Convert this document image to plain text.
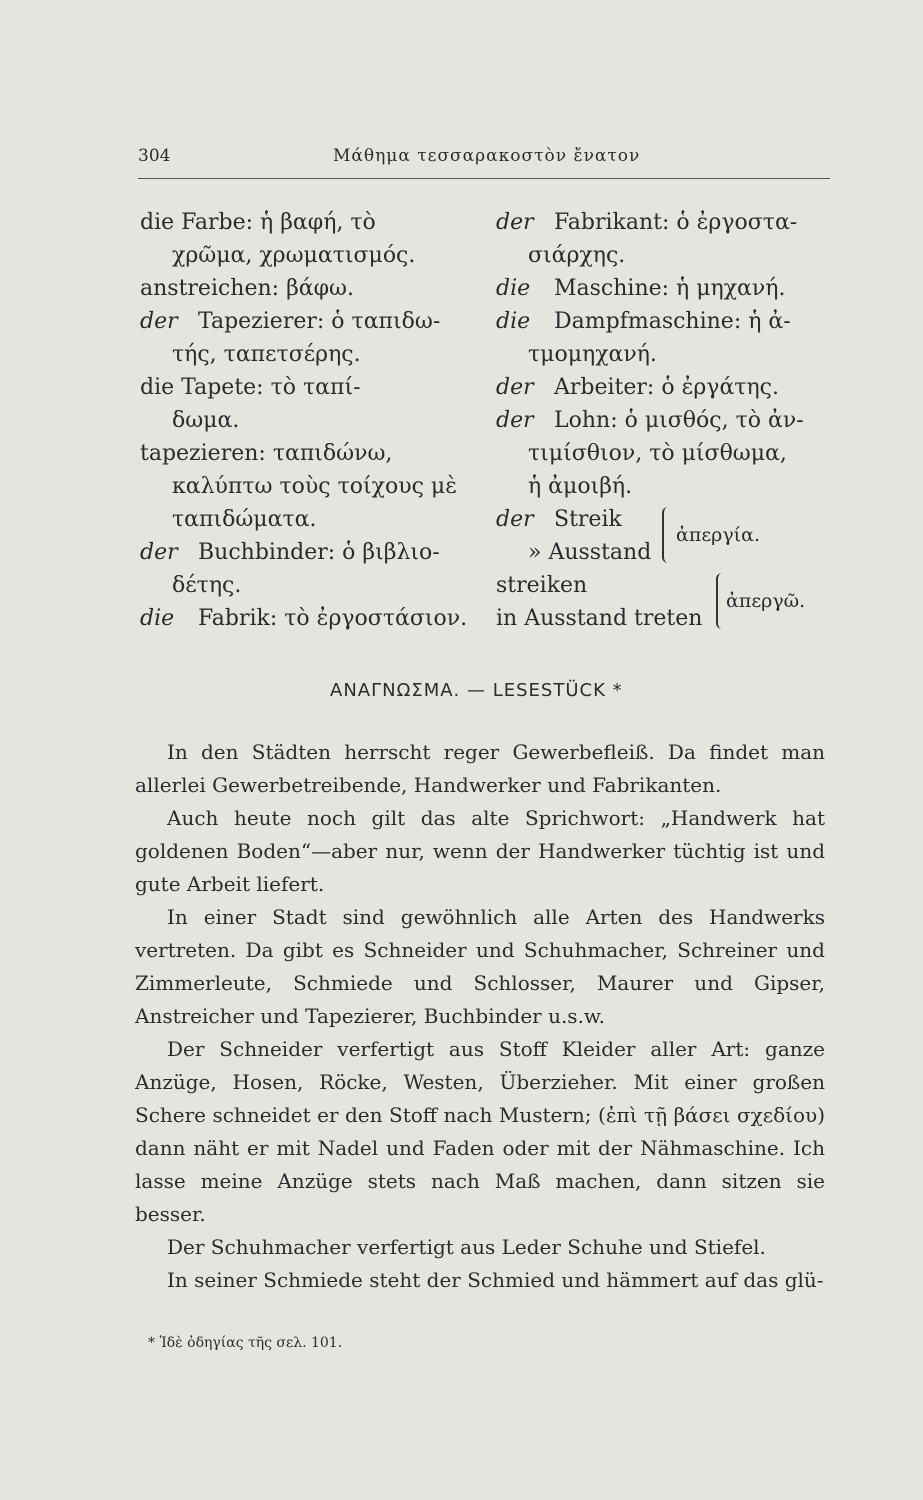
304	Μάθημα τεσσαρακοστὸν ἔνατον
die Farbe: ἡ βαφή, τὸ
χρῶμα, χρωματισμός.
anstreichen: βάφω.
der Tapezierer: ὁ ταπιδω-
τής, ταπετσέρης.
die Tapete: τὸ ταπί-
δωμα.
tapezieren: ταπιδώνω,
καλύπτω τοὺς τοίχους μὲ
ταπιδώματα.
der Buchbinder: ὁ βιβλιο-
δέτης.
die Fabrik: τὸ ἐργοστάσιον.
der Fabrikant: ὁ ἐργοστα-
σιάρχης.
die Maschine: ἡ μηχανή.
die Dampfmaschine: ἡ ἀ-
τμομηχανή.
der Arbeiter: ὁ ἐργάτης.
der Lohn: ὁ μισθός, τὸ ἀν-
τιμίσθιον, τὸ μίσθωμα,
ἡ ἀμοιβή.
der Streik
» Ausstand
ἀπεργία.
streiken
in Ausstand treten
ἀπεργῶ.
ΑΝΑΓΝΩΣΜΑ. — LESESTÜCK *

In den Städten herrscht reger Gewerbefleiß. Da findet man allerlei Gewerbetreibende, Handwerker und Fabrikanten.

Auch heute noch gilt das alte Sprichwort: „Handwerk hat goldenen Boden“—aber nur, wenn der Handwerker tüchtig ist und gute Arbeit liefert.

In einer Stadt sind gewöhnlich alle Arten des Handwerks vertreten. Da gibt es Schneider und Schuhmacher, Schreiner und Zimmerleute, Schmiede und Schlosser, Maurer und Gipser, Anstreicher und Tapezierer, Buchbinder u.s.w.

Der Schneider verfertigt aus Stoff Kleider aller Art: ganze Anzüge, Hosen, Röcke, Westen, Überzieher. Mit einer großen Schere schneidet er den Stoff nach Mustern; (ἐπὶ τῇ βάσει σχεδίου) dann näht er mit Nadel und Faden oder mit der Nähmaschine. Ich lasse meine Anzüge stets nach Maß machen, dann sitzen sie besser.

Der Schuhmacher verfertigt aus Leder Schuhe und Stiefel.

In seiner Schmiede steht der Schmied und hämmert auf das glü-

* Ἰδὲ ὁδηγίας τῆς σελ. 101.
